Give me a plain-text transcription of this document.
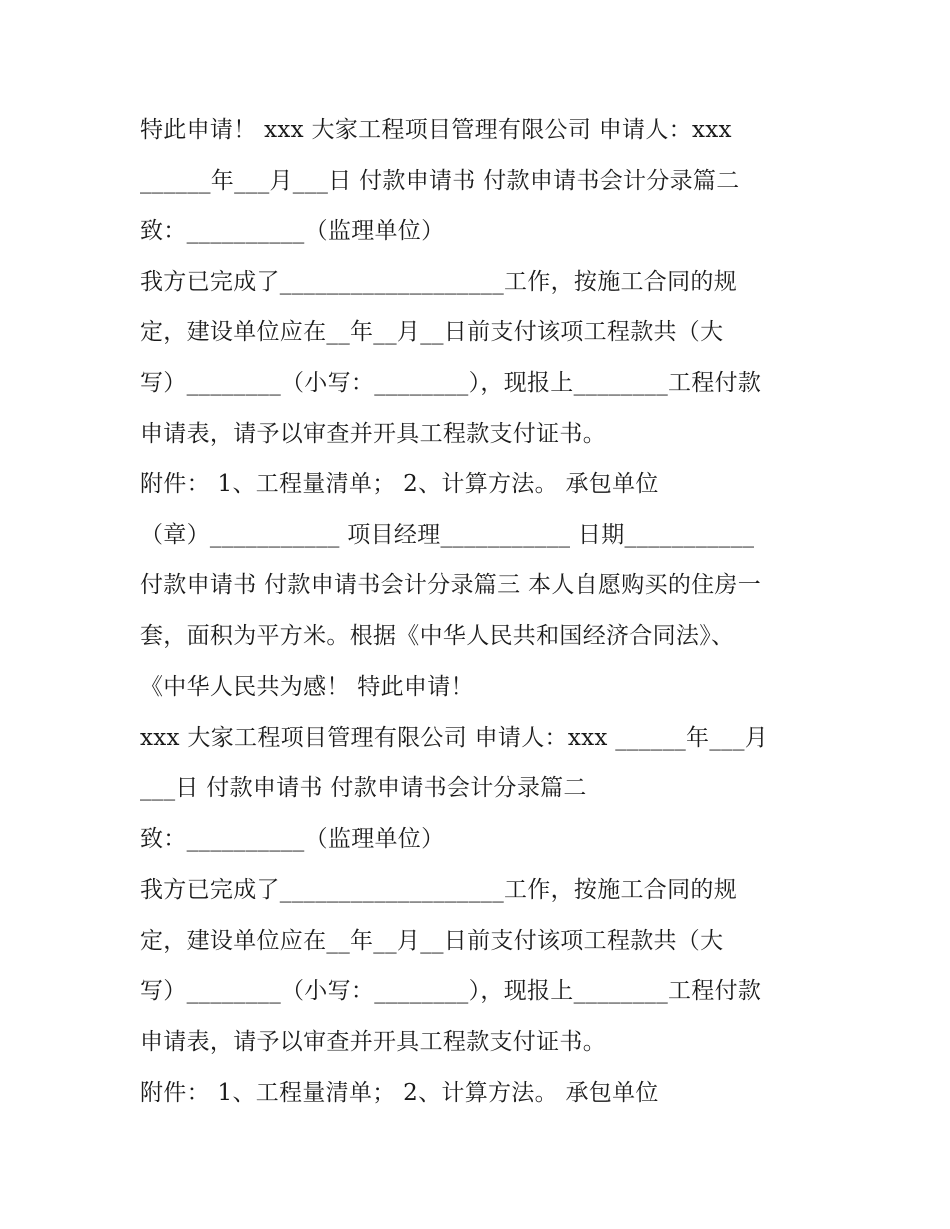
特此申请！ xxx 大家工程项目管理有限公司 申请人：xxx

______年___月___日 付款申请书 付款申请书会计分录篇二

致：__________（监理单位）

我方已完成了___________________工作，按施工合同的规

定，建设单位应在__年__月__日前支付该项工程款共（大

写）________（小写：________），现报上________工程付款

申请表，请予以审查并开具工程款支付证书。

附件： 1、工程量清单； 2、计算方法。 承包单位

（章）___________ 项目经理___________ 日期___________

付款申请书 付款申请书会计分录篇三 本人自愿购买的住房一

套，面积为平方米。根据《中华人民共和国经济合同法》、

《中华人民共为感！ 特此申请！

xxx 大家工程项目管理有限公司 申请人：xxx ______年___月

___日 付款申请书 付款申请书会计分录篇二

致：__________（监理单位）

我方已完成了___________________工作，按施工合同的规

定，建设单位应在__年__月__日前支付该项工程款共（大

写）________（小写：________），现报上________工程付款

申请表，请予以审查并开具工程款支付证书。

附件： 1、工程量清单； 2、计算方法。 承包单位
